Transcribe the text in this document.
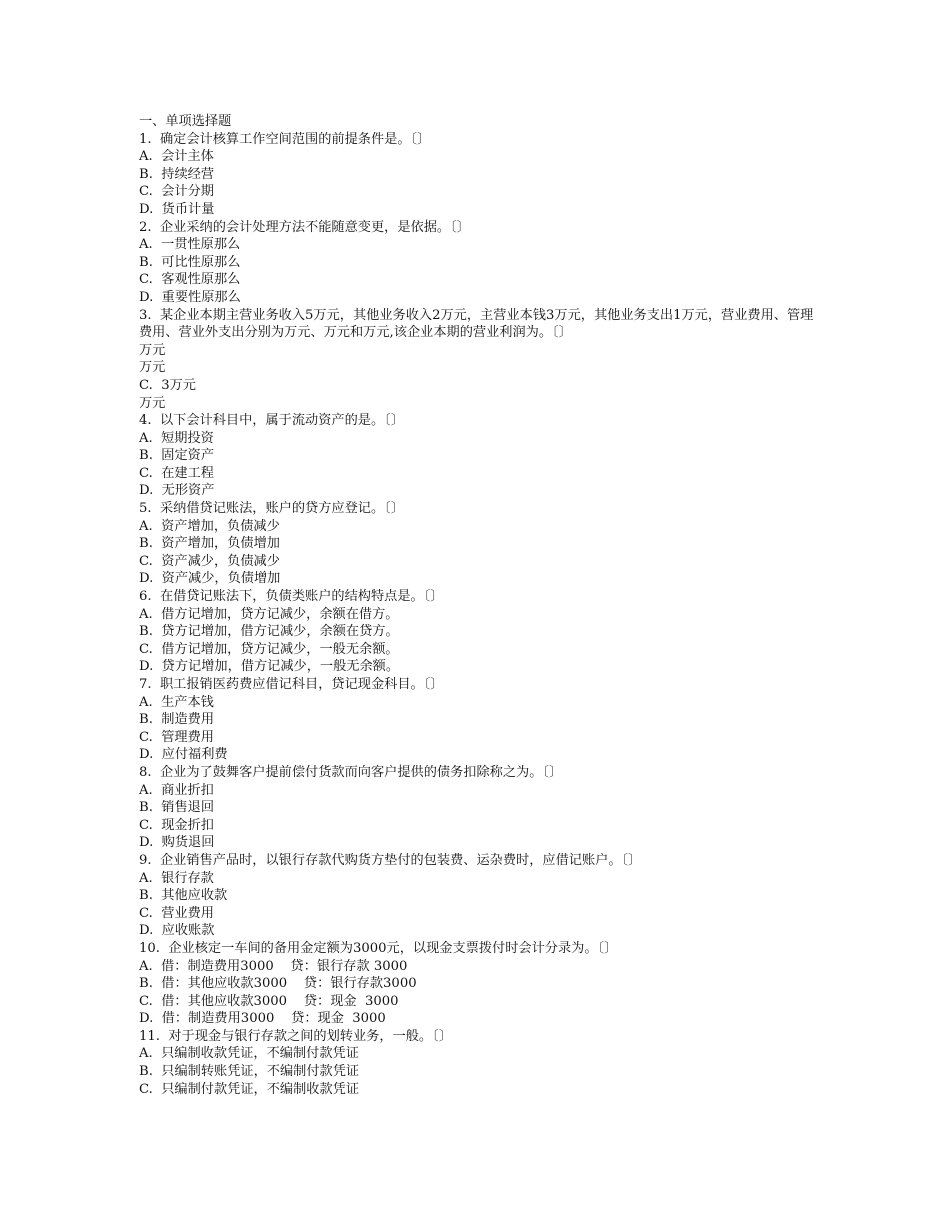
一、单项选择题
1.  确定会计核算工作空间范围的前提条件是。〔〕
A.  会计主体
B.  持续经营
C.  会计分期
D.  货币计量
2.  企业采纳的会计处理方法不能随意变更，是依据。〔〕
A.  一贯性原那么
B.  可比性原那么
C.  客观性原那么
D.  重要性原那么
3.  某企业本期主营业务收入5万元，其他业务收入2万元，主营业本钱3万元，其他业务支出1万元，营业费用、管理费用、营业外支出分别为万元、万元和万元,该企业本期的营业利润为。〔〕
万元
万元
C.  3万元
万元
4.  以下会计科目中，属于流动资产的是。〔〕
A.  短期投资
B.  固定资产
C.  在建工程
D.  无形资产
5.  采纳借贷记账法，账户的贷方应登记。〔〕
A.  资产增加，负债减少
B.  资产增加，负债增加
C.  资产减少，负债减少
D.  资产减少，负债增加
6.  在借贷记账法下，负债类账户的结构特点是。〔〕
A.  借方记增加，贷方记减少，余额在借方。
B.  贷方记增加，借方记减少，余额在贷方。
C.  借方记增加，贷方记减少，一般无余额。
D.  贷方记增加，借方记减少，一般无余额。
7.  职工报销医药费应借记科目，贷记现金科目。〔〕
A.  生产本钱
B.  制造费用
C.  管理费用
D.  应付福利费
8.  企业为了鼓舞客户提前偿付货款而向客户提供的债务扣除称之为。〔〕
A.  商业折扣
B.  销售退回
C.  现金折扣
D.  购货退回
9.  企业销售产品时，以银行存款代购货方垫付的包装费、运杂费时，应借记账户。〔〕
A.  银行存款
B.  其他应收款
C.  营业费用
D.  应收账款
10.  企业核定一车间的备用金定额为3000元，以现金支票拨付时会计分录为。〔〕
A.  借：制造费用3000    贷：银行存款 3000
B.  借：其他应收款3000    贷：银行存款3000
C.  借：其他应收款3000    贷：现金  3000
D.  借：制造费用3000    贷：现金  3000
11.  对于现金与银行存款之间的划转业务，一般。〔〕
A.  只编制收款凭证，不编制付款凭证
B.  只编制转账凭证，不编制付款凭证
C.  只编制付款凭证，不编制收款凭证
